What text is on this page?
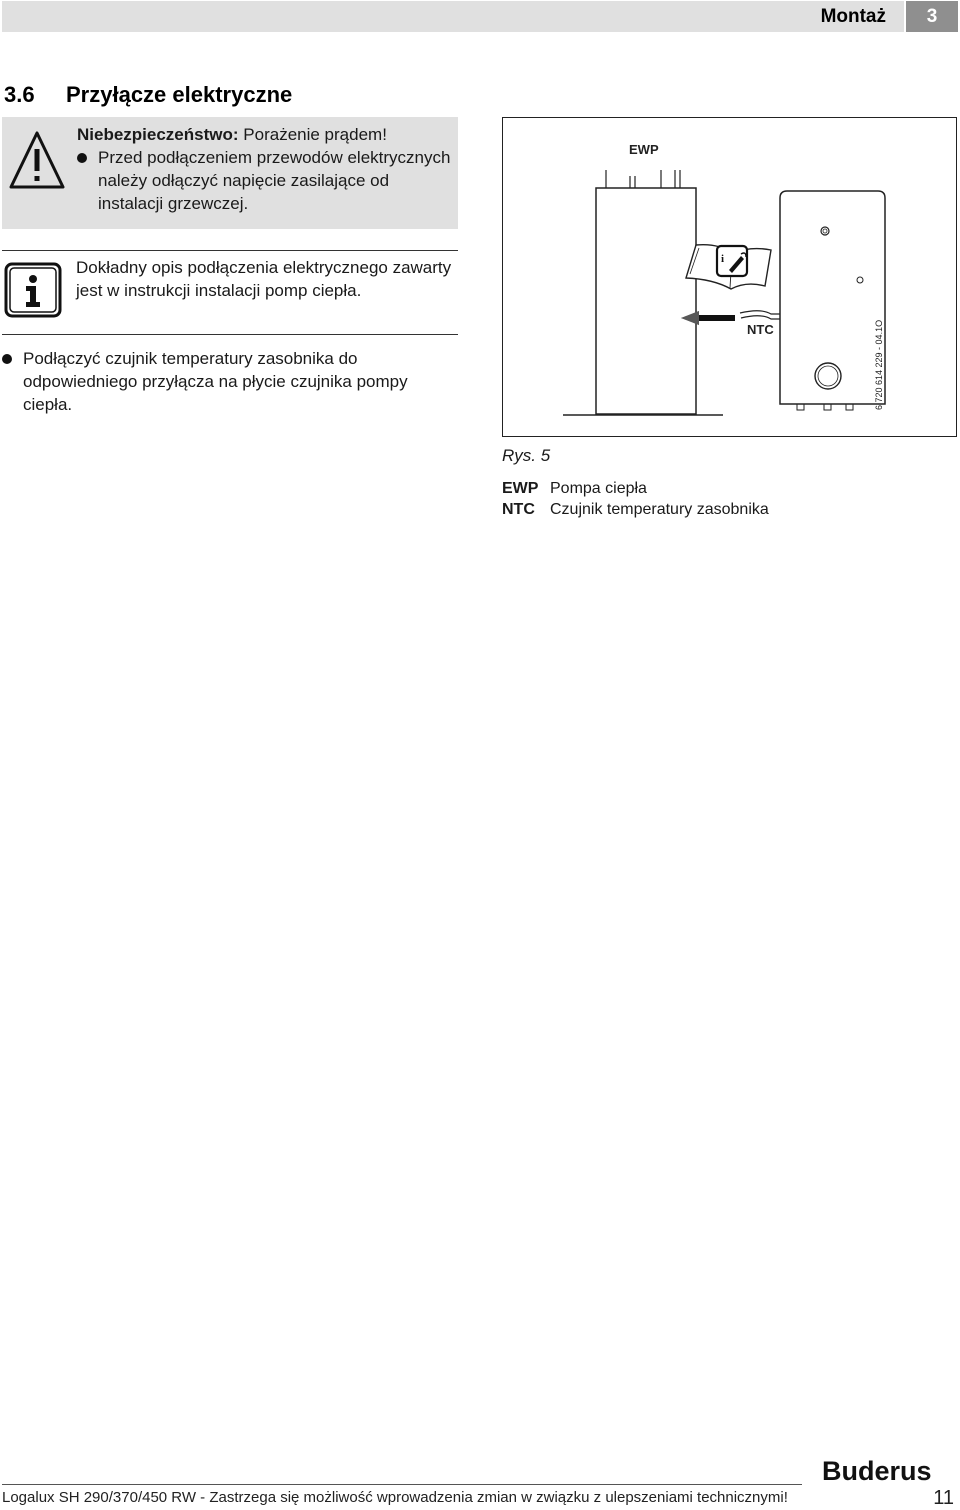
Montaż	3
3.6 Przyłącze elektryczne
Niebezpieczeństwo: Porażenie prądem!
Przed podłączeniem przewodów elektrycznych należy odłączyć napięcie zasilające od instalacji grzewczej.
Dokładny opis podłączenia elektrycznego zawarty jest w instrukcji instalacji pomp ciepła.
Podłączyć czujnik temperatury zasobnika do odpowiedniego przyłącza na płycie czujnika pompy ciepła.
i
EWP
NTC	6 720 614 229 - 04.1O
Rys. 5
EWP Pompa ciepła
NTC Czujnik temperatury zasobnika
Buderus
Logalux SH 290/370/450 RW - Zastrzega się możliwość wprowadzenia zmian w związku z ulepszeniami technicznymi!	11
